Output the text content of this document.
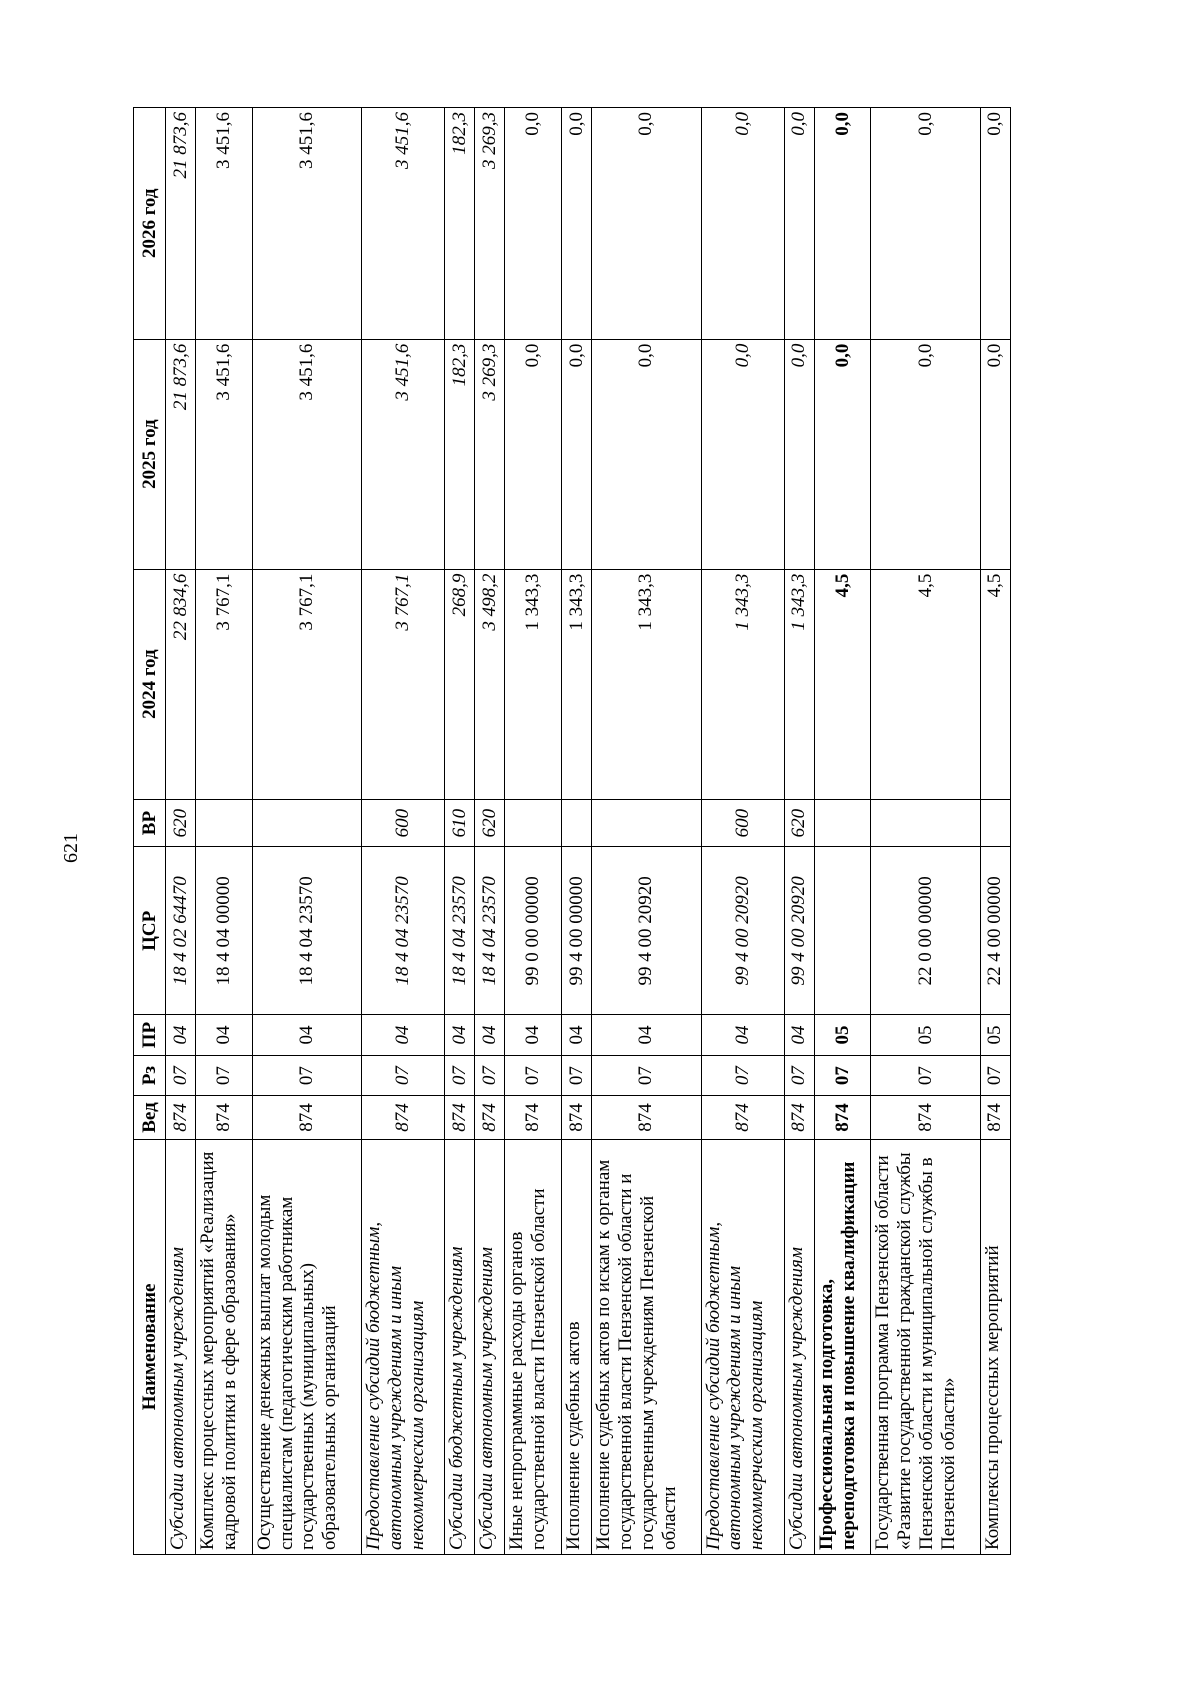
621
Наименование	Вед	Рз	ПР	ЦСР	ВР	2024 год	2025 год	2026 год
Субсидии автономным учреждениям	874	07	04	18 4 02 64470	620	22 834,6	21 873,6	21 873,6
Комплекс процессных мероприятий «Реализация кадровой политики в сфере образования»	874	07	04	18 4 04 00000		3 767,1	3 451,6	3 451,6
Осуществление денежных выплат молодым специалистам (педагогическим работникам государственных (муниципальных) образовательных организаций	874	07	04	18 4 04 23570		3 767,1	3 451,6	3 451,6
Предоставление субсидий бюджетным, автономным учреждениям и иным некоммерческим организациям	874	07	04	18 4 04 23570	600	3 767,1	3 451,6	3 451,6
Субсидии бюджетным учреждениям	874	07	04	18 4 04 23570	610	268,9	182,3	182,3
Субсидии автономным учреждениям	874	07	04	18 4 04 23570	620	3 498,2	3 269,3	3 269,3
Иные непрограммные расходы органов государственной власти Пензенской области	874	07	04	99 0 00 00000		1 343,3	0,0	0,0
Исполнение судебных актов	874	07	04	99 4 00 00000		1 343,3	0,0	0,0
Исполнение судебных актов по искам к органам государственной власти Пензенской области и государственным учреждениям Пензенской области	874	07	04	99 4 00 20920		1 343,3	0,0	0,0
Предоставление субсидий бюджетным, автономным учреждениям и иным некоммерческим организациям	874	07	04	99 4 00 20920	600	1 343,3	0,0	0,0
Субсидии автономным учреждениям	874	07	04	99 4 00 20920	620	1 343,3	0,0	0,0
Профессиональная подготовка, переподготовка и повышение квалификации	874	07	05			4,5	0,0	0,0
Государственная программа Пензенской области «Развитие государственной гражданской службы Пензенской области и муниципальной службы в Пензенской области»	874	07	05	22 0 00 00000		4,5	0,0	0,0
Комплексы процессных мероприятий	874	07	05	22 4 00 00000		4,5	0,0	0,0
